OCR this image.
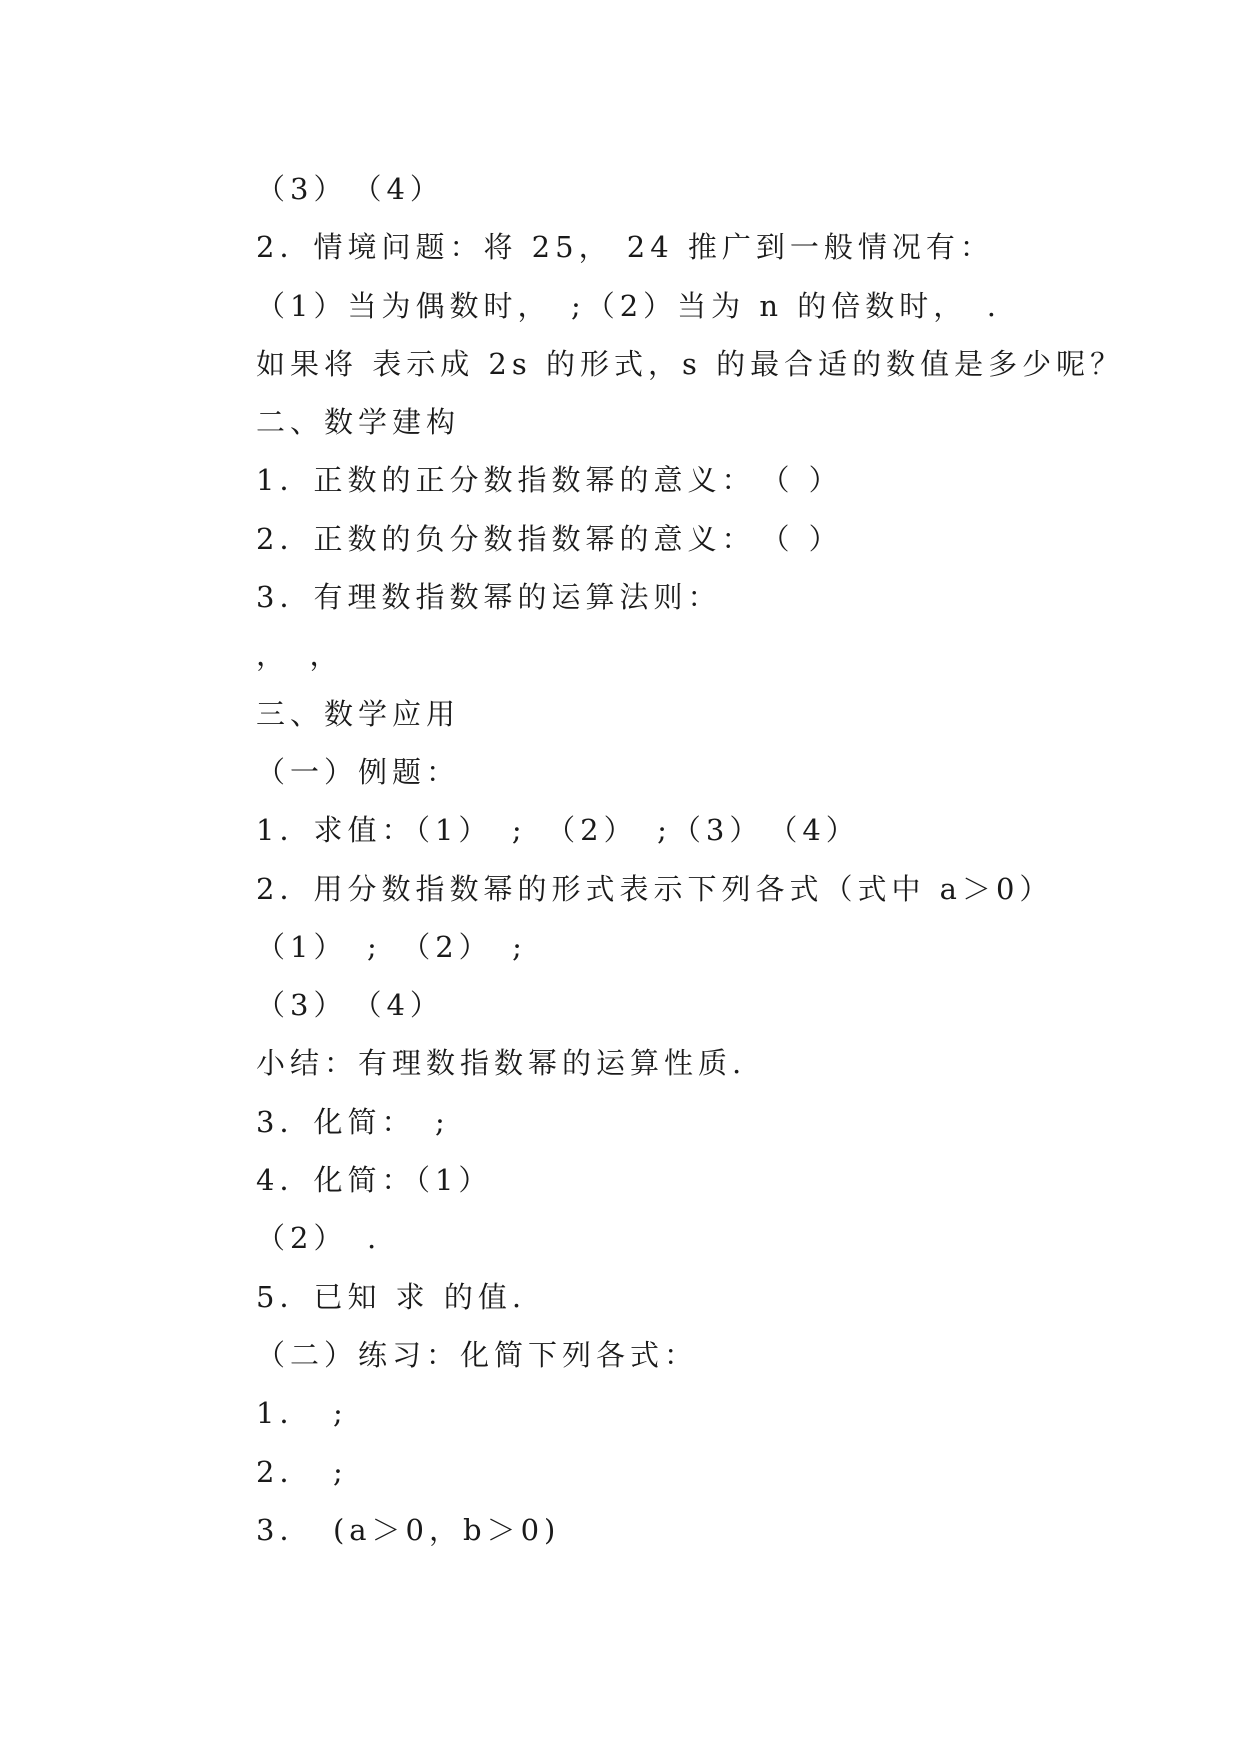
（3）　（4）
2．情境问题：将 25， 24 推广到一般情况有：
（1）当为偶数时，　;（2）当为 n 的倍数时，　.
如果将 表示成 2s 的形式，s 的最合适的数值是多少呢？
二、数学建构
1．正数的正分数指数幂的意义：　（ ）
2．正数的负分数指数幂的意义：　（ ）
3．有理数指数幂的运算法则：
，　，
三、数学应用
（一）例题：
1．求值：（1）　;　（2）　;（3）　（4）
2．用分数指数幂的形式表示下列各式（式中 a＞0）
（1）　;　（2）　;
（3）　（4）
小结：有理数指数幂的运算性质.
3．化简：　;
4．化简：（1）
（2）　.
5．已知 求 的值.
（二）练习：化简下列各式：
1．　;
2．　;
3．　(a＞0，b＞0)
